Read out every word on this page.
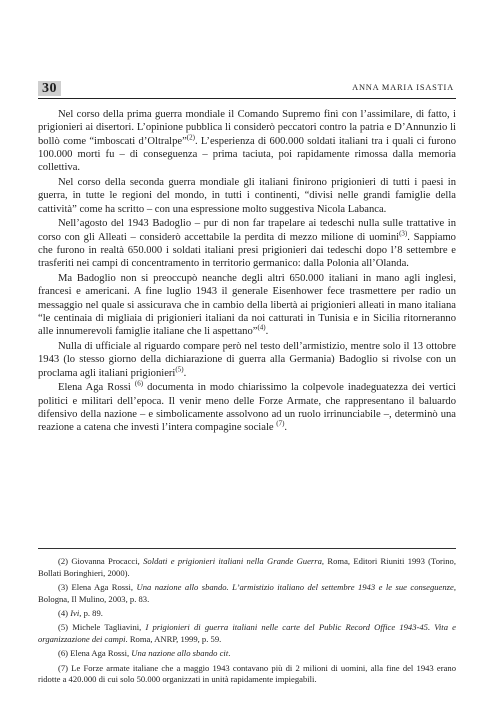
30	ANNA MARIA ISASTIA

Nel corso della prima guerra mondiale il Comando Supremo finì con l’assimilare, di fatto, i prigionieri ai disertori. L’opinione pubblica li considerò peccatori contro la patria e D’Annunzio li bollò come “imboscati d’Oltralpe”$^{(2)}$. L’esperienza di 600.000 soldati italiani tra i quali ci furono 100.000 morti fu – di conseguenza – prima taciuta, poi rapidamente rimossa dalla memoria collettiva.

Nel corso della seconda guerra mondiale gli italiani finirono prigionieri di tutti i paesi in guerra, in tutte le regioni del mondo, in tutti i continenti, “divisi nelle grandi famiglie della cattività” come ha scritto – con una espressione molto suggestiva Nicola Labanca.

Nell’agosto del 1943 Badoglio – pur di non far trapelare ai tedeschi nulla sulle trattative in corso con gli Alleati – considerò accettabile la perdita di mezzo milione di uomini$^{(3)}$. Sappiamo che furono in realtà 650.000 i soldati italiani presi prigionieri dai tedeschi dopo l’8 settembre e trasferiti nei campi di concentramento in territorio germanico: dalla Polonia all’Olanda.

Ma Badoglio non si preoccupò neanche degli altri 650.000 italiani in mano agli inglesi, francesi e americani. A fine luglio 1943 il generale Eisenhower fece trasmettere per radio un messaggio nel quale si assicurava che in cambio della libertà ai prigionieri alleati in mano italiana “le centinaia di migliaia di prigionieri italiani da noi catturati in Tunisia e in Sicilia ritorneranno alle innumerevoli famiglie italiane che li aspettano”$^{(4)}$.

Nulla di ufficiale al riguardo compare però nel testo dell’armistizio, mentre solo il 13 ottobre 1943 (lo stesso giorno della dichiarazione di guerra alla Germania) Badoglio si rivolse con un proclama agli italiani prigionieri$^{(5)}$.

Elena Aga Rossi $^{(6)}$ documenta in modo chiarissimo la colpevole inadeguatezza dei vertici politici e militari dell’epoca. Il venir meno delle Forze Armate, che rappresentano il baluardo difensivo della nazione – e simbolicamente assolvono ad un ruolo irrinunciabile –, determinò una reazione a catena che investì l’intera compagine sociale $^{(7)}$.

(2) Giovanna Procacci, Soldati e prigionieri italiani nella Grande Guerra, Roma, Editori Riuniti 1993 (Torino, Bollati Boringhieri, 2000).
(3) Elena Aga Rossi, Una nazione allo sbando. L’armistizio italiano del settembre 1943 e le sue conseguenze, Bologna, Il Mulino, 2003, p. 83.
(4) Ivi, p. 89.
(5) Michele Tagliavini, I prigionieri di guerra italiani nelle carte del Public Record Office 1943-45. Vita e organizzazione dei campi. Roma, ANRP, 1999, p. 59.
(6) Elena Aga Rossi, Una nazione allo sbando cit.
(7) Le Forze armate italiane che a maggio 1943 contavano più di 2 milioni di uomini, alla fine del 1943 erano ridotte a 420.000 di cui solo 50.000 organizzati in unità rapidamente impiegabili.
